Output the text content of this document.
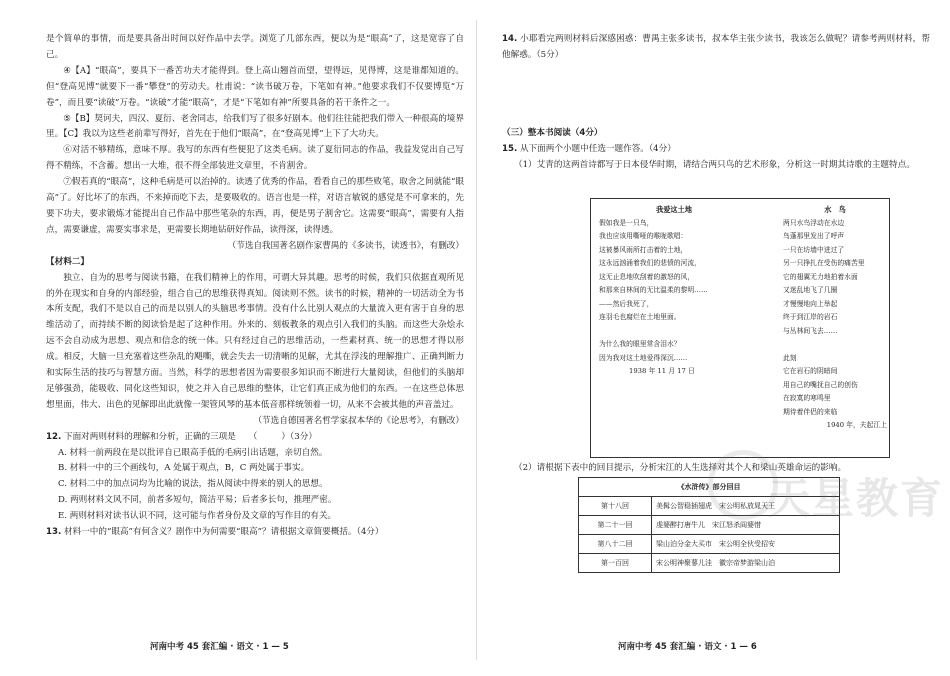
是个简单的事情，而是要具备出时间以好作品中去学。浏览了几部东西，便以为是“眼高”了，这是宽容了自己。

④【A】“眼高”，要具下一番苦功夫才能得到。登上高山翘首而望，望得远，见得博，这是谁都知道的。但“登高见博”就要下一番“攀登”的劳动夫。杜甫说：“读书破万卷，下笔如有神。”他要求我们不仅要博览“万卷”，而且要“读破”万卷。“读破”才能“眼高”，才是“下笔如有神”所要具备的若干条件之一。

⑤【B】契诃夫，四汉、夏衍、老舍同志，给我们写了很多好剧本。他们往往能把我们带入一种很高的境界里。【C】我以为这些老前辈写得好，首先在于他们“眼高”，在“登高见博”上下了大功夫。

⑥对活不够精练，意味不厚。我写的东西有些便犯了这类毛病。读了夏衍同志的作品，我益发觉出自己写得不精练，不含蓄。想出一大堆，很不得全部装进文章里，不肯割舍。

⑦假若真的“眼高”，这种毛病是可以治掉的。读透了优秀的作品，看看自己的那些败笔，取舍之间就能“眼高”了。好比坏了的东西，不来掉而吃下去，是要吸收的。语言也是一样，对语言敏锐的感觉是不可拿来的，先要下功夫，要求锻炼才能提出自己作品中那些笔杂的东西，再，便是男子割舍它。这需要“眼高”，需要有人指点，需要谦虚，需要实事求是，更需要长期地钻研好作品，读得深，读得透。

（节选自我国著名剧作家曹禺的《多读书，读透书》，有删改）

【材料二】

独立、自为的思考与阅读书籍，在我们精神上的作用，可谓大异其趣。思考的时候，我们只依据直观所见的外在现实和自身的内部经验，组合自己的思维获得真知。阅读则不然。读书的时候，精神的一切活动全为书本所支配，我们不是以自己的而是以别人的头脑思考事情。没有什么比别人观点的大量流入更有害于自身的思维活动了，而持续不断的阅读恰是起了这种作用。外来的、刻板教条的观点引入我们的头脑。而这些大杂烩永远不会自动成为思想、观点和信念的统一体。只有经过自己的思维活动，一些素材真、统一的思想才得以形成。相反，大脑一旦充塞着这些杂乱的飓嘶，就会失去一切清晰的见解，尤其在浮浅的理解推广、正确判断力和实际生活的技巧与智慧方面。当然，科学的思想者因为需要很多知识而不断进行大量阅读，但他们的头脑却足够强劲，能吸收、同化这些知识，使之并入自己思维的整体，让它们真正成为他们的东西。一在这些总体思想里面，伟大、出色的见解即出此就像一架管风琴的基本低音那样统领着一切，从来不会被其他的声音盖过。

（节选自德国著名哲学家叔本华的《论思考》，有删改）

12. 下面对两则材料的理解和分析，正确的三项是　　 （	）（3分）

A. 材料一前两段在是以批评自已眼高手低的毛病引出话题，亲切自然。

B. 材料一中的三个画线句，A 处属于观点，B，C 两处属于事实。

C. 材料二中的加点词均为比喻的说法，指从阅读中得来的别人的思想。

D. 两则材料文风不同，前者多短句，简洁平易；后者多长句，推理严密。

E. 两则材料对读书认识不同，这可能与作者身份及文章的写作目的有关。

13. 材料一中的“眼高”有何含义？剧作中为何需要“眼高”？请根据文章简要概括。（4分）

河南中考 45 套汇编 · 语文 · 1 — 5

14. 小耶看完两则材料后深感困惑：曹禺主张多读书，叔本华主张少读书，我该怎么做呢？请参考两则材料，帮他解惑。（5分）

（三）整本书阅读（4分）

15. 从下面两个小题中任选一题作答。（4分）

（1）艾青的这两首诗都写于日本侵华时期，请结合两只鸟的艺术形象，分析这一时期其诗歌的主题特点。

我爱这土地
假如我是一只鸟，
我也应该用嘶哑的喉咙歌唱：
这被暴风雨所打击着的土地，
这永远汹涌着我们的悲愤的河流，
这无止息地吹刮着的激怒的风，
和那来自林间的无比温柔的黎明……
——然后我死了，
连羽毛也腐烂在土地里面。
为什么我的眼里常含泪水？
因为我对这土地爱得深沉……
1938 年 11 月 17 日
水　鸟
两只水鸟浮动在水边
鸟蓬那里发出了呼声
一只在坊墙中迸过了
另一只挣扎在受伤的痛苦里
它的翅翼无力地拍着水面
又迷乱地飞了几圈
才慢慢地向上举起
终于到江岸的岩石
与丛林间飞去……
此刻
它在岩石的阴暗间
用自己的嘴抚自己的创伤
在寂寞的寒鸣里
期待着伴侣的来临
1940 年，夫起江上

（2）请根据下表中的回目提示，分析宋江的人生选择对其个人和梁山英雄命运的影响。

《水浒传》部分回目	
第十八回	美髯公智稳插翅虎　宋公明私放晁天王
第二十一回	虔婆醉打唐牛儿　宋江怒杀阎婆惜
第八十二回	梁山泊分金大买市　宋公明全伙受招安
第一百回	宋公明神聚蓼儿洼　徽宗帝梦游梁山泊
天星教育
河南中考 45 套汇编 · 语文 · 1 — 6
